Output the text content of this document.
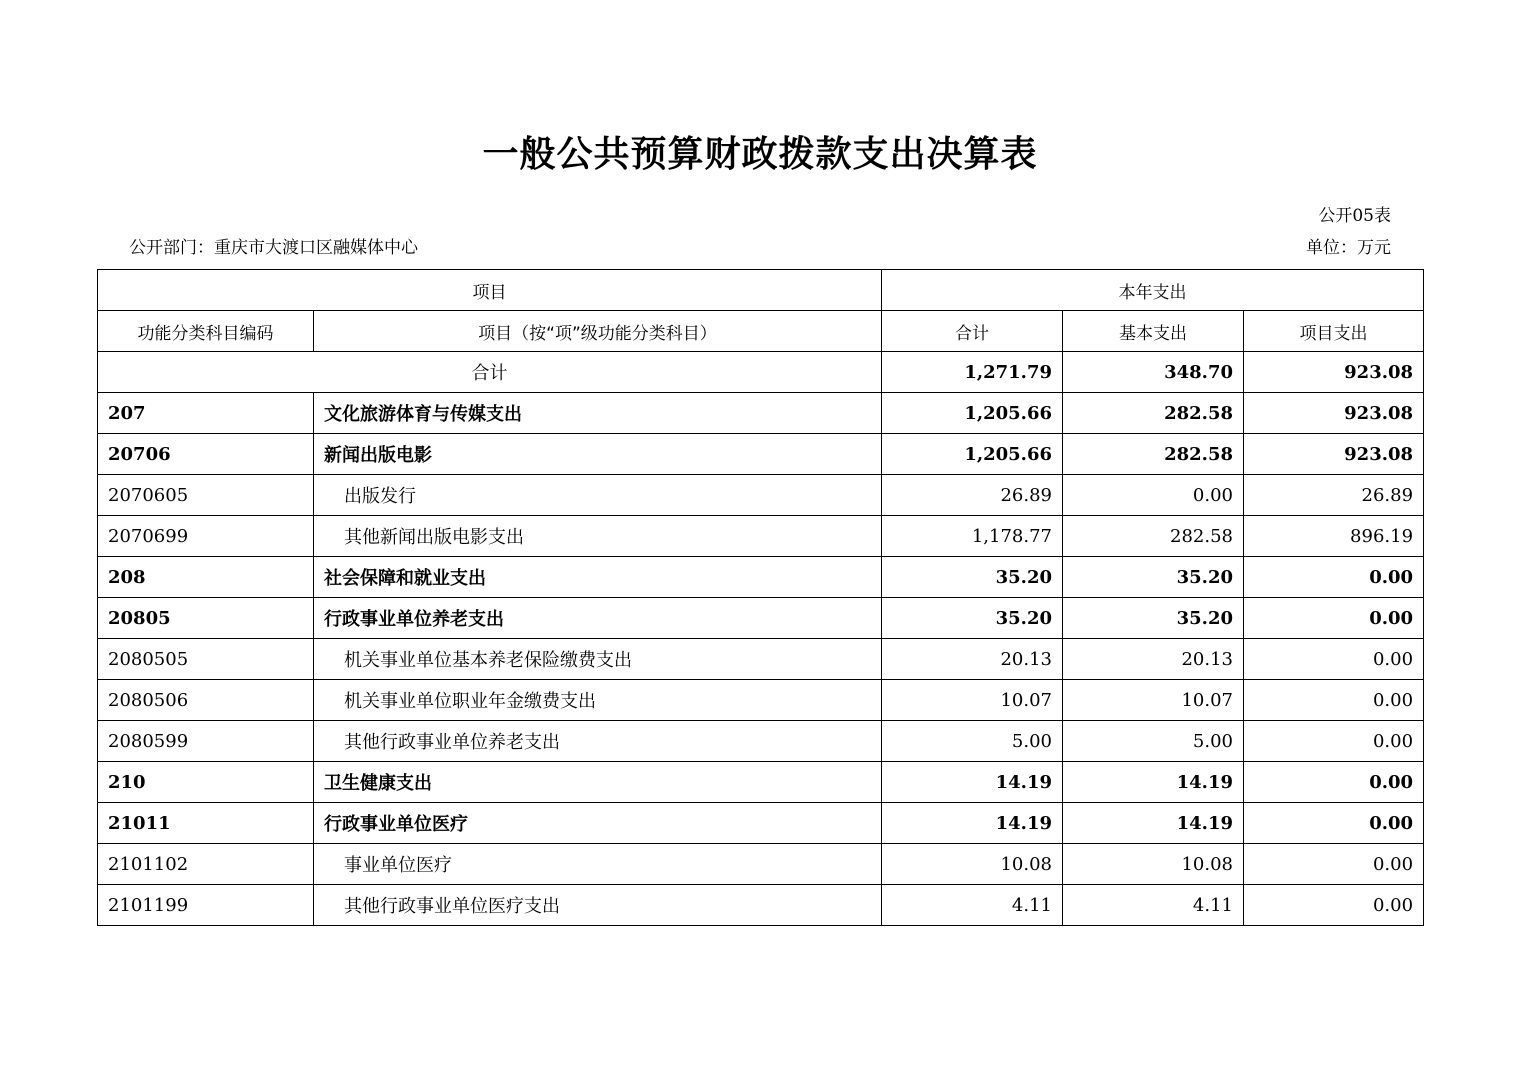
一般公共预算财政拨款支出决算表
公开05表
公开部门：重庆市大渡口区融媒体中心	单位：万元
项目		本年支出		
功能分类科目编码	项目（按“项”级功能分类科目）	合计	基本支出	项目支出
合计		1,271.79	348.70	923.08
207	文化旅游体育与传媒支出	1,205.66	282.58	923.08
20706	新闻出版电影	1,205.66	282.58	923.08
2070605	出版发行	26.89	0.00	26.89
2070699	其他新闻出版电影支出	1,178.77	282.58	896.19
208	社会保障和就业支出	35.20	35.20	0.00
20805	行政事业单位养老支出	35.20	35.20	0.00
2080505	机关事业单位基本养老保险缴费支出	20.13	20.13	0.00
2080506	机关事业单位职业年金缴费支出	10.07	10.07	0.00
2080599	其他行政事业单位养老支出	5.00	5.00	0.00
210	卫生健康支出	14.19	14.19	0.00
21011	行政事业单位医疗	14.19	14.19	0.00
2101102	事业单位医疗	10.08	10.08	0.00
2101199	其他行政事业单位医疗支出	4.11	4.11	0.00
